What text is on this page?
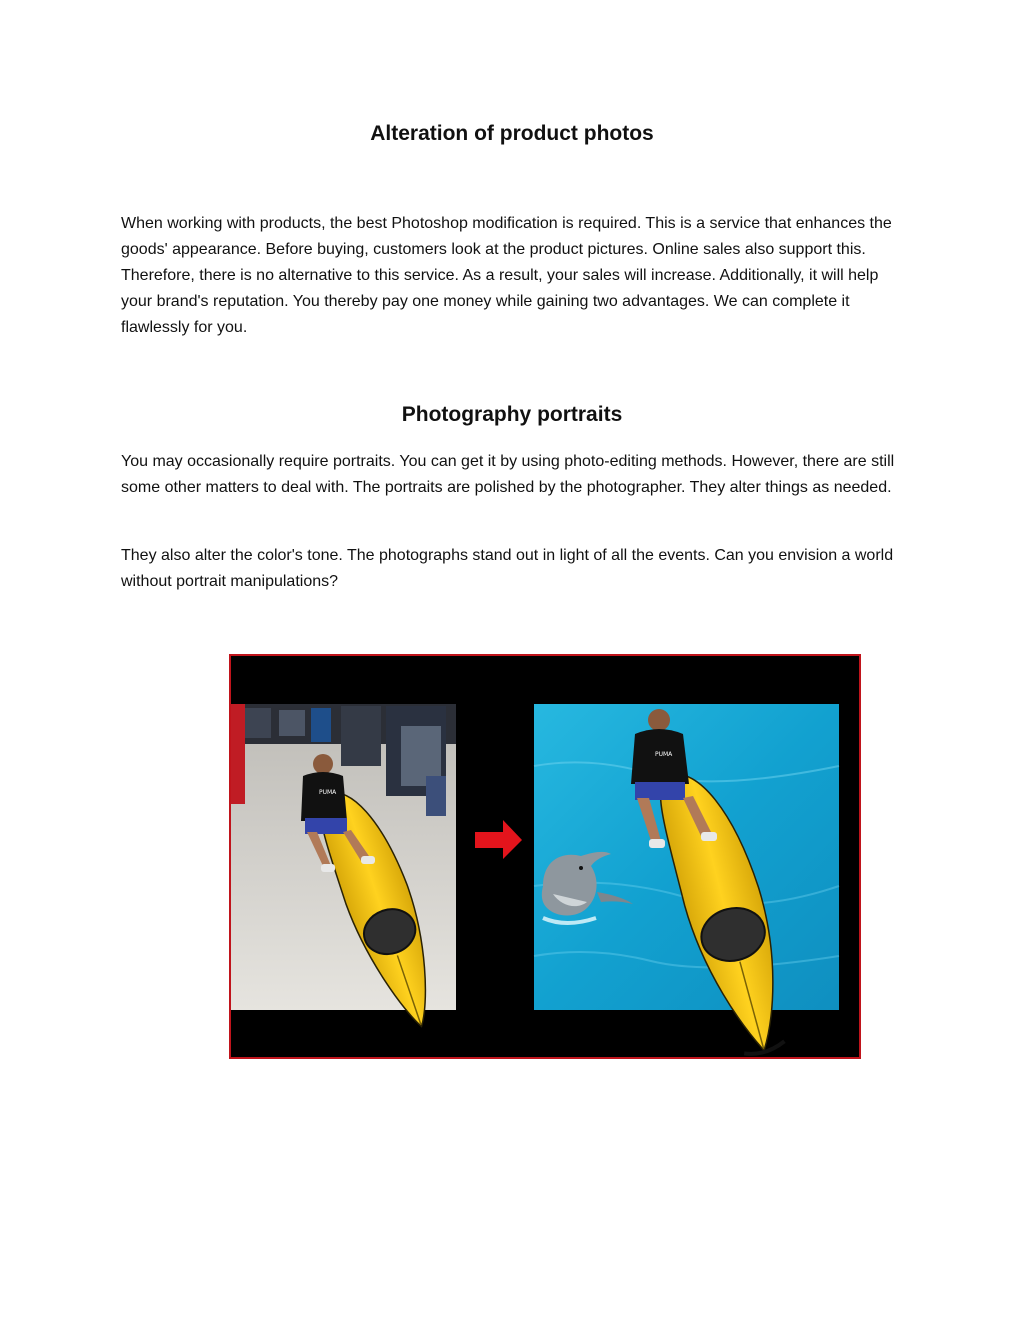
Alteration of product photos

When working with products, the best Photoshop modification is required. This is a service that enhances the goods' appearance. Before buying, customers look at the product pictures. Online sales also support this. Therefore, there is no alternative to this service. As a result, your sales will increase. Additionally, it will help your brand's reputation. You thereby pay one money while gaining two advantages. We can complete it flawlessly for you.

Photography portraits

You may occasionally require portraits. You can get it by using photo-editing methods. However, there are still some other matters to deal with. The portraits are polished by the photographer. They alter things as needed.

They also alter the color's tone. The photographs stand out in light of all the events. Can you envision a world without portrait manipulations?

PUMA
PUMA
